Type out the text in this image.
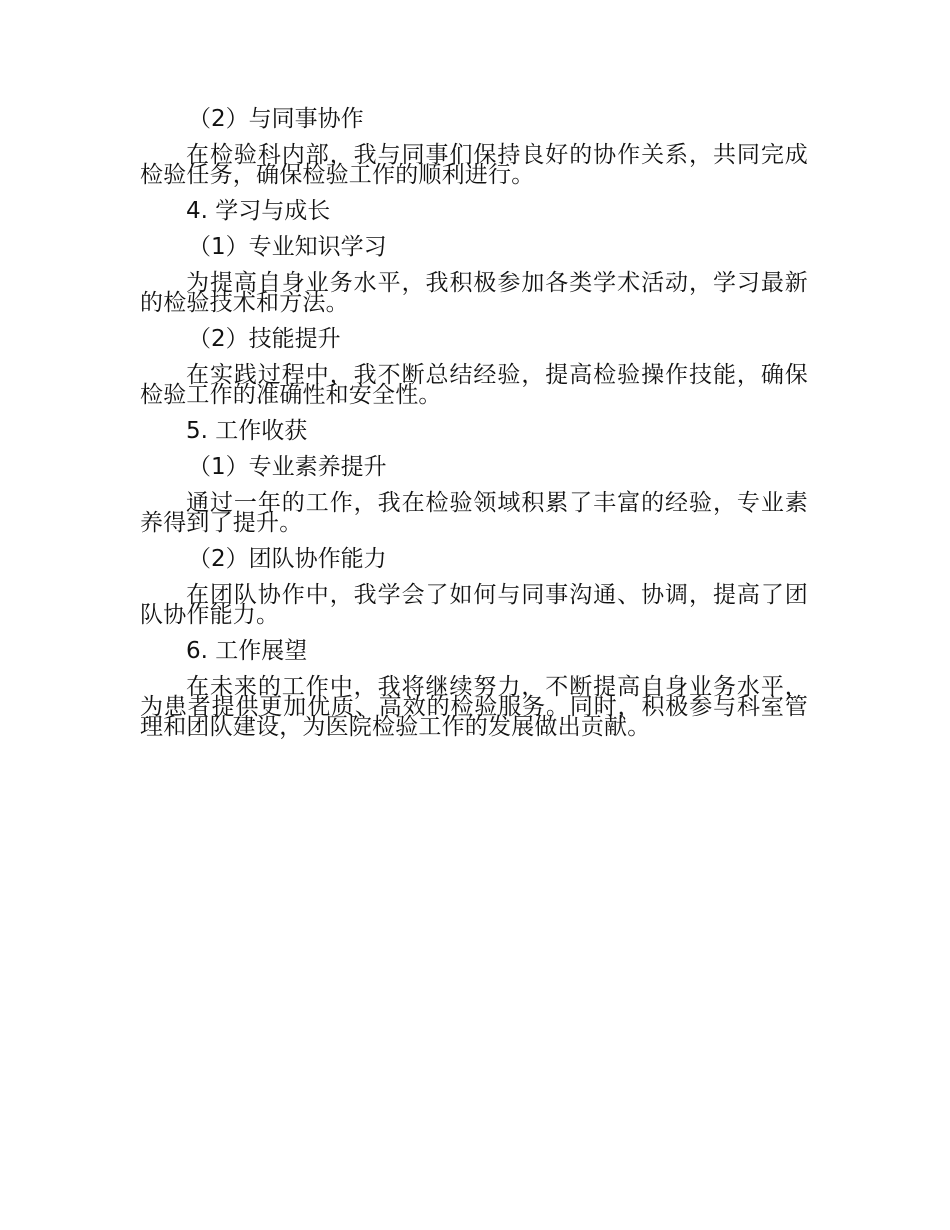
（2）与同事协作

在检验科内部，我与同事们保持良好的协作关系，共同完成检验任务，确保检验工作的顺利进行。

4. 学习与成长

（1）专业知识学习

为提高自身业务水平，我积极参加各类学术活动，学习最新的检验技术和方法。

（2）技能提升

在实践过程中，我不断总结经验，提高检验操作技能，确保检验工作的准确性和安全性。

5. 工作收获

（1）专业素养提升

通过一年的工作，我在检验领域积累了丰富的经验，专业素养得到了提升。

（2）团队协作能力

在团队协作中，我学会了如何与同事沟通、协调，提高了团队协作能力。

6. 工作展望

在未来的工作中，我将继续努力，不断提高自身业务水平，为患者提供更加优质、高效的检验服务。同时，积极参与科室管理和团队建设，为医院检验工作的发展做出贡献。
